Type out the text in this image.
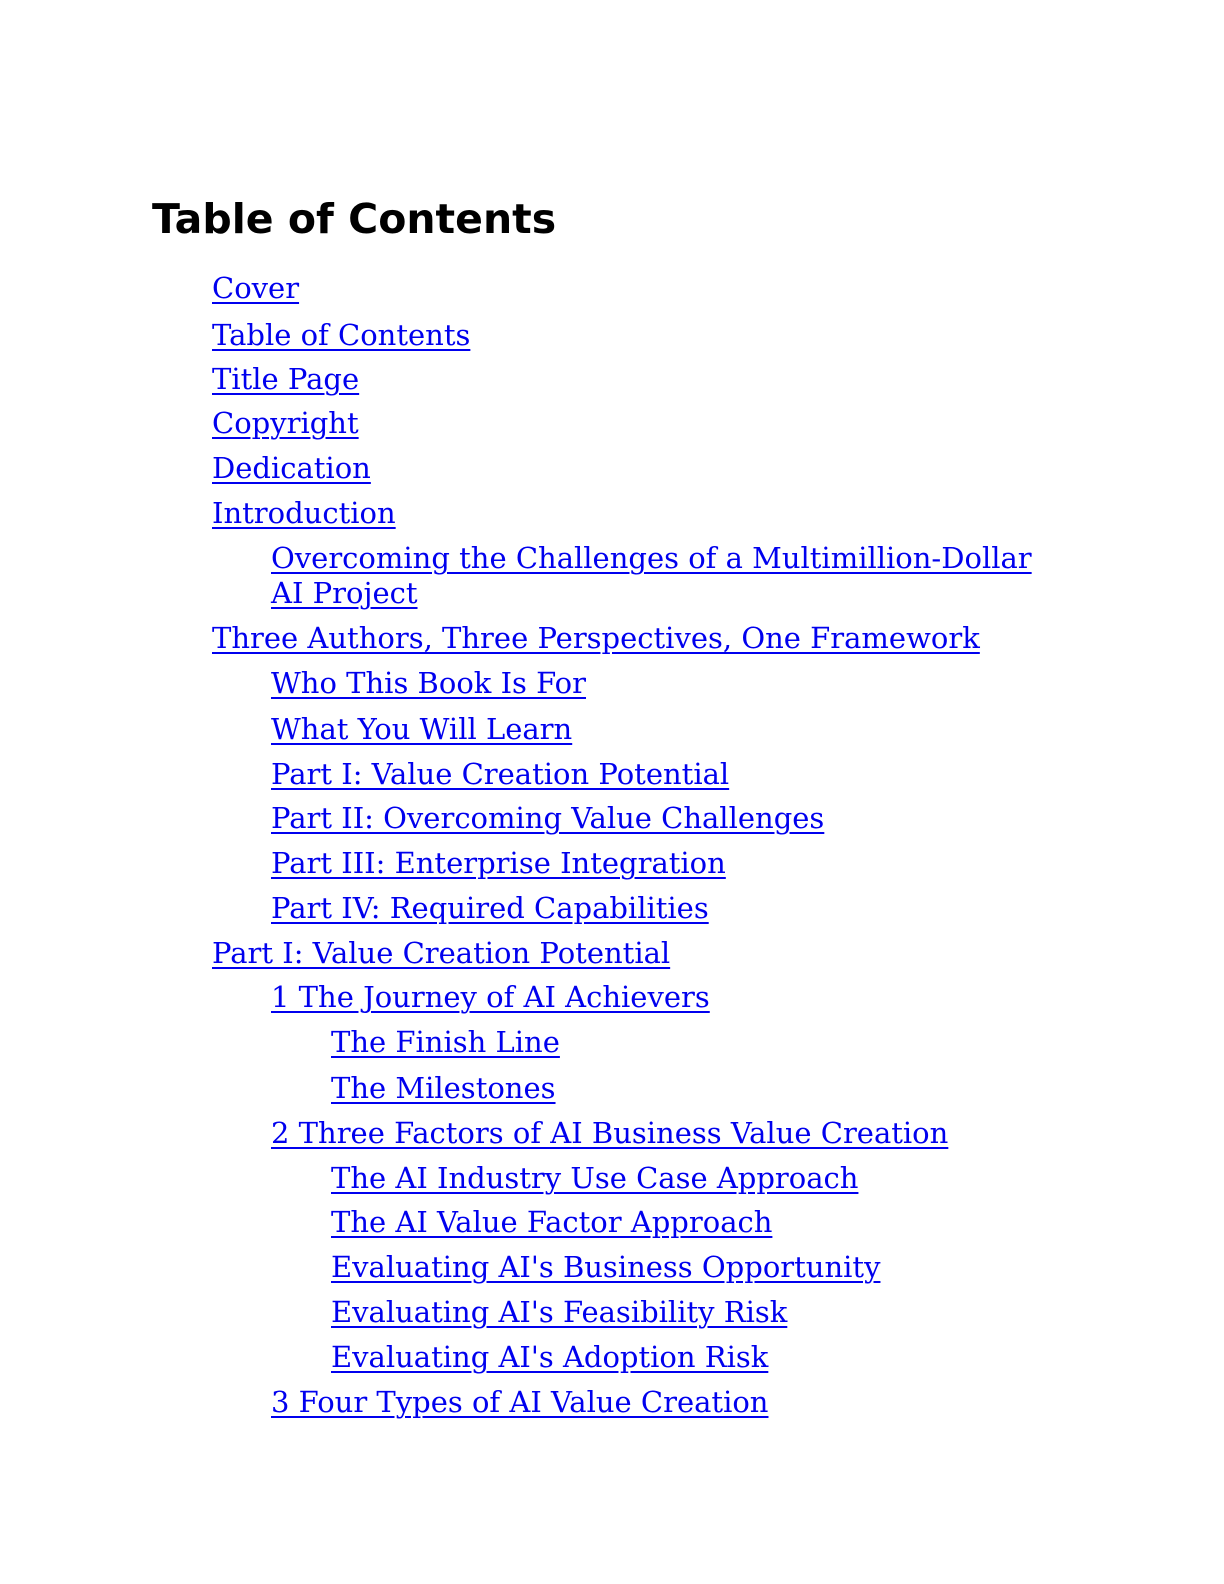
Table of Contents
Cover
Table of Contents
Title Page
Copyright
Dedication
Introduction
Overcoming the Challenges of a Multimillion-Dollar AI Project
Three Authors, Three Perspectives, One Framework
Who This Book Is For
What You Will Learn
Part I: Value Creation Potential
Part II: Overcoming Value Challenges
Part III: Enterprise Integration
Part IV: Required Capabilities
Part I: Value Creation Potential
1 The Journey of AI Achievers
The Finish Line
The Milestones
2 Three Factors of AI Business Value Creation
The AI Industry Use Case Approach
The AI Value Factor Approach
Evaluating AI's Business Opportunity
Evaluating AI's Feasibility Risk
Evaluating AI's Adoption Risk
3 Four Types of AI Value Creation
